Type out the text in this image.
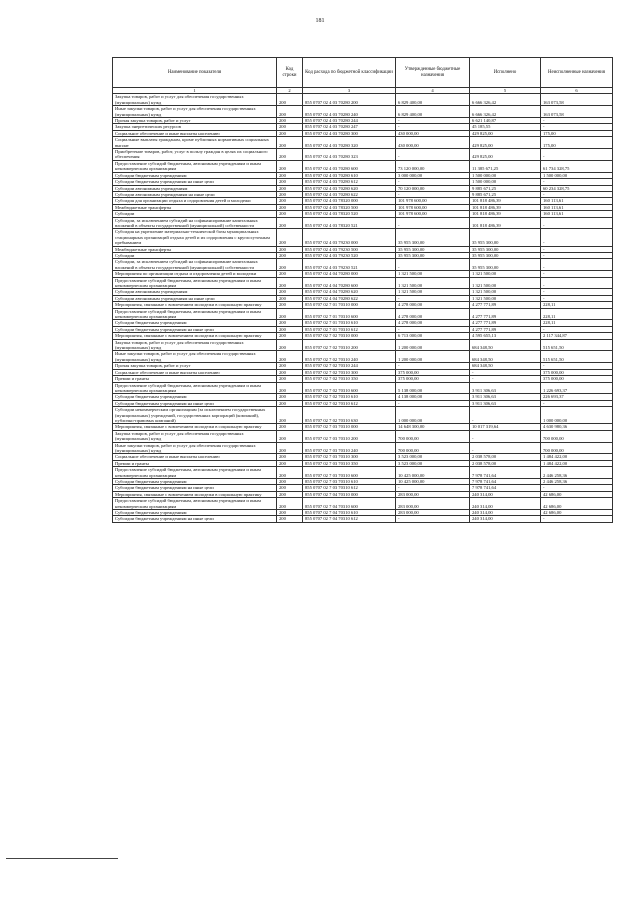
181
Наименование показателя	Код строки	Код расхода по бюджетной классификации	Утвержденные бюджетные назначения	Исполнено	Неисполненные назначения
1	2	3	4	5	6
Закупка товаров, работ и услуг для обеспечения государственных (муниципальных) нужд	200	855 0707 02 4 03 70280 200	6 829 400,00	6 666 326,42	163 073,58
Иные закупки товаров, работ и услуг для обеспечения государственных (муниципальных) нужд	200	855 0707 02 4 03 70280 240	6 829 400,00	6 666 326,42	163 073,58
Прочая закупка товаров, работ и услуг	200	855 0707 02 4 03 70280 244	-	6 621 140,87	-
Закупка энергетических ресурсов	200	855 0707 02 4 03 70280 247	-	45 185,55	-
Социальное обеспечение и иные выплаты населению	200	855 0707 02 4 03 70280 300	430 000,00	429 825,00	175,00
Социальные выплаты гражданам, кроме публичных нормативных социальных выплат	200	855 0707 02 4 03 70280 320	430 000,00	429 825,00	175,00
Приобретение товаров, работ, услуг в пользу граждан в целях их социального обеспечения	200	855 0707 02 4 03 70280 323	-	429 825,00	-
Предоставление субсидий бюджетным, автономным учреждениям и иным некоммерческим организациям	200	855 0707 02 4 03 70280 600	73 120 000,00	11 385 671,25	61 734 328,75
Субсидии бюджетным учреждениям	200	855 0707 02 4 03 70280 610	3 000 000,00	1 500 000,00	1 500 000,00
Субсидии бюджетным учреждениям на иные цели	200	855 0707 02 4 03 70280 612	-	1 500 000,00	-
Субсидии автономным учреждениям	200	855 0707 02 4 03 70280 620	70 120 000,00	9 885 671,25	60 234 328,75
Субсидии автономным учреждениям на иные цели	200	855 0707 02 4 03 70280 622	-	9 885 671,25	-
Субсидия для организации отдыха и оздоровления детей и молодежи	200	855 0707 02 4 03 78320 000	101 978 600,00	101 818 486,39	160 113,61
Межбюджетные трансферты	200	855 0707 02 4 03 78320 500	101 978 600,00	101 818 486,39	160 113,61
Субсидии	200	855 0707 02 4 03 78320 520	101 978 600,00	101 818 486,39	160 113,61
Субсидии, за исключением субсидий на софинансирование капитальных вложений в объекты государственной (муниципальной) собственности	200	855 0707 02 4 03 78320 521	-	101 818 486,39	-
Субсидия на укрепление материально-технической базы муниципальных стационарных организаций отдыха детей и их оздоровления с круглосуточным пребыванием	200	855 0707 02 4 03 79230 000	35 955 300,00	35 955 300,00	-
Межбюджетные трансферты	200	855 0707 02 4 03 79230 500	35 955 300,00	35 955 300,00	-
Субсидии	200	855 0707 02 4 03 79230 520	35 955 300,00	35 955 300,00	-
Субсидии, за исключением субсидий на софинансирование капитальных вложений в объекты государственной (муниципальной) собственности	200	855 0707 02 4 03 79230 521	-	35 955 300,00	-
Мероприятия по организации отдыха и оздоровления детей и молодежи	200	855 0707 02 4 04 70280 000	1 321 500,00	1 321 500,00	-
Предоставление субсидий бюджетным, автономным учреждениям и иным некоммерческим организациям	200	855 0707 02 4 04 70280 600	1 321 500,00	1 321 500,00	-
Субсидии автономным учреждениям	200	855 0707 02 4 04 70280 620	1 321 500,00	1 321 500,00	-
Субсидии автономным учреждениям на иные цели	200	855 0707 02 4 04 70280 622	-	1 321 500,00	-
Мероприятия, связанные с вовлечением молодежи в социальную практику	200	855 0707 02 7 01 70310 000	4 278 000,00	4 277 771,89	228,11
Предоставление субсидий бюджетным, автономным учреждениям и иным некоммерческим организациям	200	855 0707 02 7 01 70310 600	4 278 000,00	4 277 771,89	228,11
Субсидии бюджетным учреждениям	200	855 0707 02 7 01 70310 610	4 278 000,00	4 277 771,89	228,11
Субсидии бюджетным учреждениям на иные цели	200	855 0707 02 7 01 70310 612	-	4 277 771,89	-
Мероприятия, связанные с вовлечением молодежи в социальную практику	200	855 0707 02 7 02 70310 000	6 713 000,00	4 595 655,13	2 117 344,87
Закупка товаров, работ и услуг для обеспечения государственных (муниципальных) нужд	200	855 0707 02 7 02 70310 200	1 200 000,00	684 348,50	515 651,50
Иные закупки товаров, работ и услуг для обеспечения государственных (муниципальных) нужд	200	855 0707 02 7 02 70310 240	1 200 000,00	684 348,50	515 651,50
Прочая закупка товаров, работ и услуг	200	855 0707 02 7 02 70310 244	-	684 348,50	-
Социальное обеспечение и иные выплаты населению	200	855 0707 02 7 02 70310 300	375 000,00	-	375 000,00
Премии и гранты	200	855 0707 02 7 02 70310 350	375 000,00	-	375 000,00
Предоставление субсидий бюджетным, автономным учреждениям и иным некоммерческим организациям	200	855 0707 02 7 02 70310 600	5 138 000,00	3 911 306,63	1 226 693,37
Субсидии бюджетным учреждениям	200	855 0707 02 7 02 70310 610	4 138 000,00	3 911 306,63	226 693,37
Субсидии бюджетным учреждениям на иные цели	200	855 0707 02 7 02 70310 612	-	3 911 306,63	-
Субсидии некоммерческим организациям (за исключением государственных (муниципальных) учреждений, государственных корпораций (компаний), публично-правовых компаний)	200	855 0707 02 7 02 70310 630	1 000 000,00	-	1 000 000,00
Мероприятия, связанные с вовлечением молодежи в социальную практику	200	855 0707 02 7 03 70310 000	14 648 300,00	10 017 319,64	4 630 980,36
Закупка товаров, работ и услуг для обеспечения государственных (муниципальных) нужд	200	855 0707 02 7 03 70310 200	700 000,00	-	700 000,00
Иные закупки товаров, работ и услуг для обеспечения государственных (муниципальных) нужд	200	855 0707 02 7 03 70310 240	700 000,00	-	700 000,00
Социальное обеспечение и иные выплаты населению	200	855 0707 02 7 03 70310 300	3 523 000,00	2 038 578,00	1 484 422,00
Премии и гранты	200	855 0707 02 7 03 70310 350	3 523 000,00	2 038 578,00	1 484 422,00
Предоставление субсидий бюджетным, автономным учреждениям и иным некоммерческим организациям	200	855 0707 02 7 03 70310 600	10 425 000,00	7 978 741,64	2 446 258,36
Субсидии бюджетным учреждениям	200	855 0707 02 7 03 70310 610	10 425 000,00	7 978 741,64	2 446 258,36
Субсидии бюджетным учреждениям на иные цели	200	855 0707 02 7 03 70310 612	-	7 978 741,64	-
Мероприятия, связанные с вовлечением молодежи в социальную практику	200	855 0707 02 7 04 70310 000	283 000,00	240 314,00	42 686,00
Предоставление субсидий бюджетным, автономным учреждениям и иным некоммерческим организациям	200	855 0707 02 7 04 70310 600	283 000,00	240 314,00	42 686,00
Субсидии бюджетным учреждениям	200	855 0707 02 7 04 70310 610	283 000,00	240 314,00	42 686,00
Субсидии бюджетным учреждениям на иные цели	200	855 0707 02 7 04 70310 612	-	240 314,00	-
